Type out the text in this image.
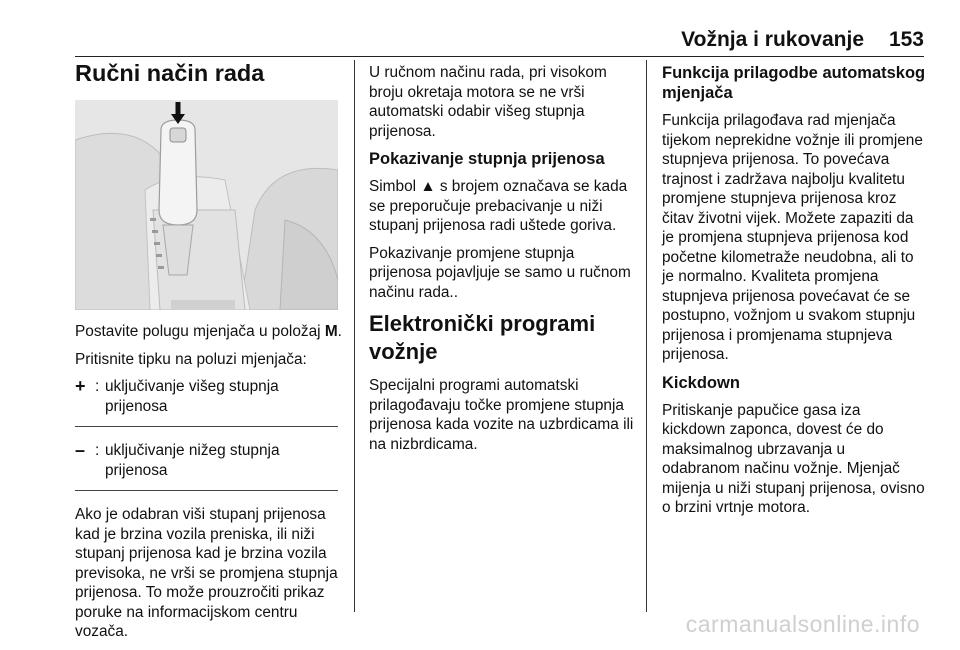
Vožnja i rukovanje 153
Ručni način rada

Postavite polugu mjenjača u položaj M.

Pritisnite tipku na poluzi mjenjača:

+ : uključivanje višeg stupnja prijenosa
– : uključivanje nižeg stupnja prijenosa

Ako je odabran viši stupanj prijenosa kad je brzina vozila preniska, ili niži stupanj prijenosa kad je brzina vozila previsoka, ne vrši se promjena stupnja prijenosa. To može prouzročiti prikaz poruke na informacijskom centru vozača.

U ručnom načinu rada, pri visokom broju okretaja motora se ne vrši automatski odabir višeg stupnja prijenosa.

Pokazivanje stupnja prijenosa

Simbol ▲ s brojem označava se kada se preporučuje prebacivanje u niži stupanj prijenosa radi uštede goriva.

Pokazivanje promjene stupnja prijenosa pojavljuje se samo u ručnom načinu rada..

Elektronički programi vožnje

Specijalni programi automatski prilagođavaju točke promjene stupnja prijenosa kada vozite na uzbrdicama ili na nizbrdicama.

Funkcija prilagodbe automatskog mjenjača

Funkcija prilagođava rad mjenjača tijekom neprekidne vožnje ili promjene stupnjeva prijenosa. To povećava trajnost i zadržava najbolju kvalitetu promjene stupnjeva prijenosa kroz čitav životni vijek. Možete zapaziti da je promjena stupnjeva prijenosa kod početne kilometraže neudobna, ali to je normalno. Kvaliteta promjena stupnjeva prijenosa povećavat će se postupno, vožnjom u svakom stupnju prijenosa i promjenama stupnjeva prijenosa.

Kickdown

Pritiskanje papučice gasa iza kickdown zaponca, dovest će do maksimalnog ubrzavanja u odabranom načinu vožnje. Mjenjač mijenja u niži stupanj prijenosa, ovisno o brzini vrtnje motora.

carmanualsonline.info
